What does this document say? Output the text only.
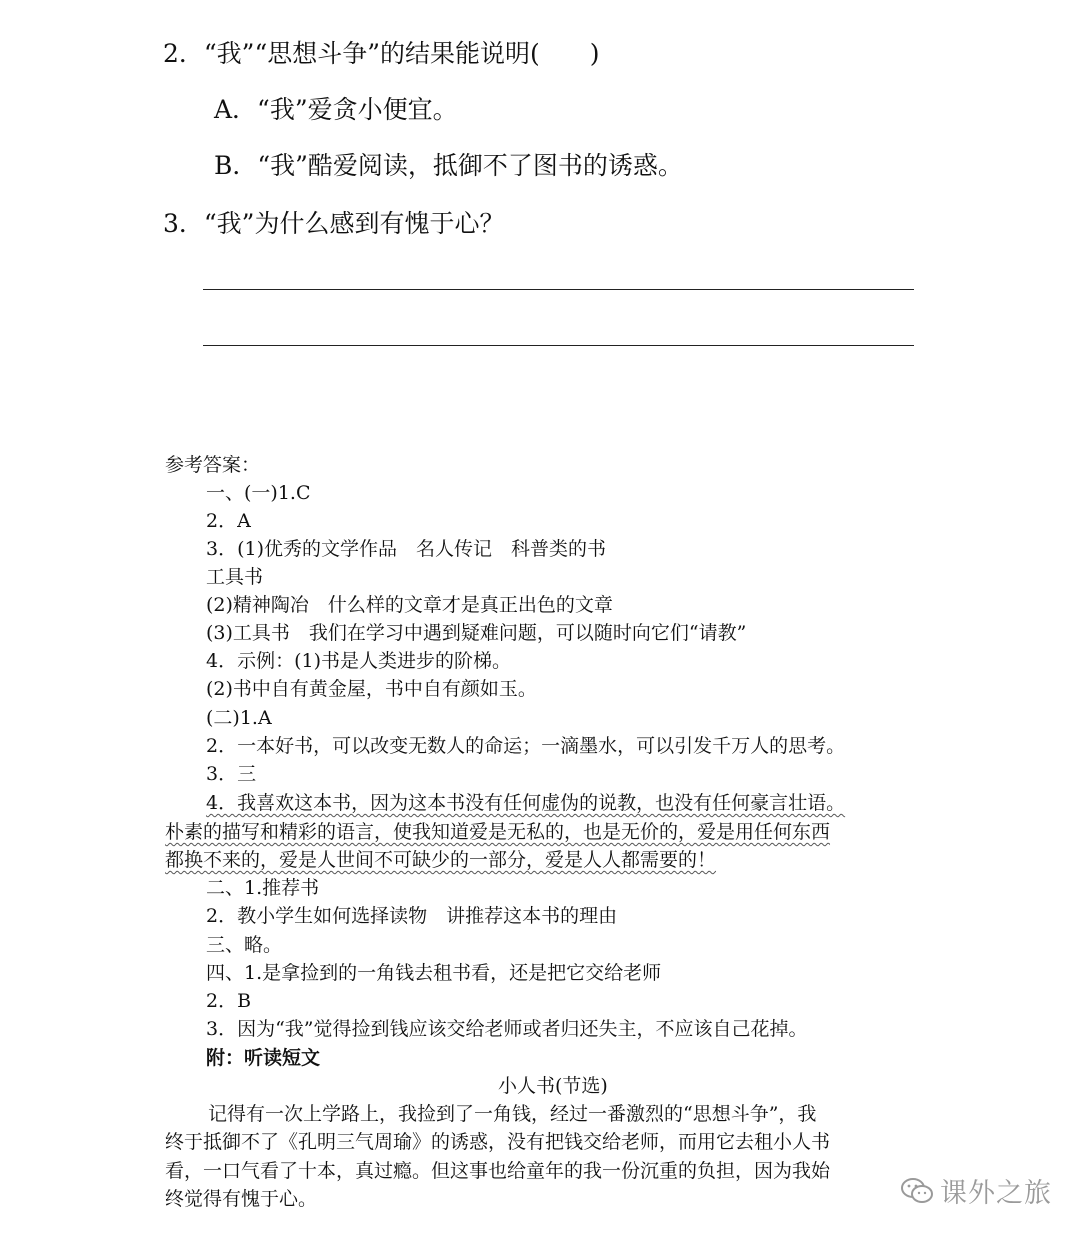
2．“我”“思想斗争”的结果能说明(　　)
A．“我”爱贪小便宜。
B．“我”酷爱阅读，抵御不了图书的诱惑。
3．“我”为什么感到有愧于心？
参考答案：
一、(一)1.C
2．A
3．(1)优秀的文学作品　名人传记　科普类的书
工具书
(2)精神陶冶　什么样的文章才是真正出色的文章
(3)工具书　我们在学习中遇到疑难问题，可以随时向它们“请教”
4．示例：(1)书是人类进步的阶梯。
(2)书中自有黄金屋，书中自有颜如玉。
(二)1.A
2．一本好书，可以改变无数人的命运；一滴墨水，可以引发千万人的思考。
3．三
4．我喜欢这本书，因为这本书没有任何虚伪的说教，也没有任何豪言壮语。
朴素的描写和精彩的语言，使我知道爱是无私的，也是无价的，爱是用任何东西
都换不来的，爱是人世间不可缺少的一部分，爱是人人都需要的！
二、1.推荐书
2．教小学生如何选择读物　讲推荐这本书的理由
三、略。
四、1.是拿捡到的一角钱去租书看，还是把它交给老师
2．B
3．因为“我”觉得捡到钱应该交给老师或者归还失主，不应该自己花掉。
附：听读短文
小人书(节选)
记得有一次上学路上，我捡到了一角钱，经过一番激烈的“思想斗争”，我
终于抵御不了《孔明三气周瑜》的诱惑，没有把钱交给老师，而用它去租小人书
看，一口气看了十本，真过瘾。但这事也给童年的我一份沉重的负担，因为我始
终觉得有愧于心。	课外之旅
